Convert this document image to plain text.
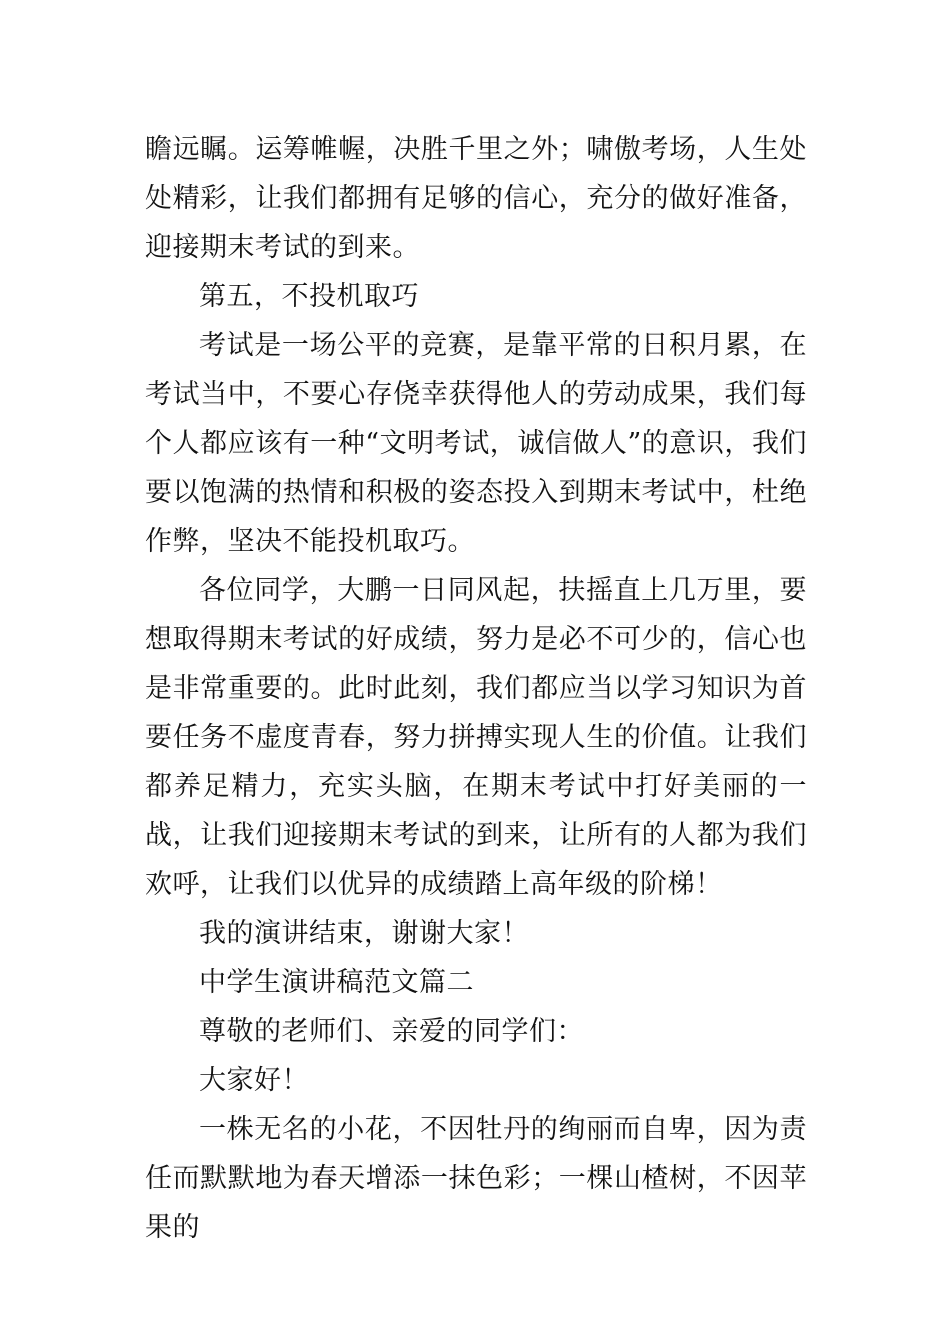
瞻远瞩。运筹帷幄，决胜千里之外；啸傲考场，人生处处精彩，让我们都拥有足够的信心，充分的做好准备，迎接期末考试的到来。

第五，不投机取巧

考试是一场公平的竞赛，是靠平常的日积月累，在考试当中，不要心存侥幸获得他人的劳动成果，我们每个人都应该有一种“文明考试，诚信做人”的意识，我们要以饱满的热情和积极的姿态投入到期末考试中，杜绝作弊，坚决不能投机取巧。

各位同学，大鹏一日同风起，扶摇直上几万里，要想取得期末考试的好成绩，努力是必不可少的，信心也是非常重要的。此时此刻，我们都应当以学习知识为首要任务不虚度青春，努力拼搏实现人生的价值。让我们都养足精力，充实头脑，在期末考试中打好美丽的一战，让我们迎接期末考试的到来，让所有的人都为我们欢呼，让我们以优异的成绩踏上高年级的阶梯！

我的演讲结束，谢谢大家！

中学生演讲稿范文篇二

尊敬的老师们、亲爱的同学们：

大家好！

一株无名的小花，不因牡丹的绚丽而自卑，因为责任而默默地为春天增添一抹色彩；一棵山楂树，不因苹果的
